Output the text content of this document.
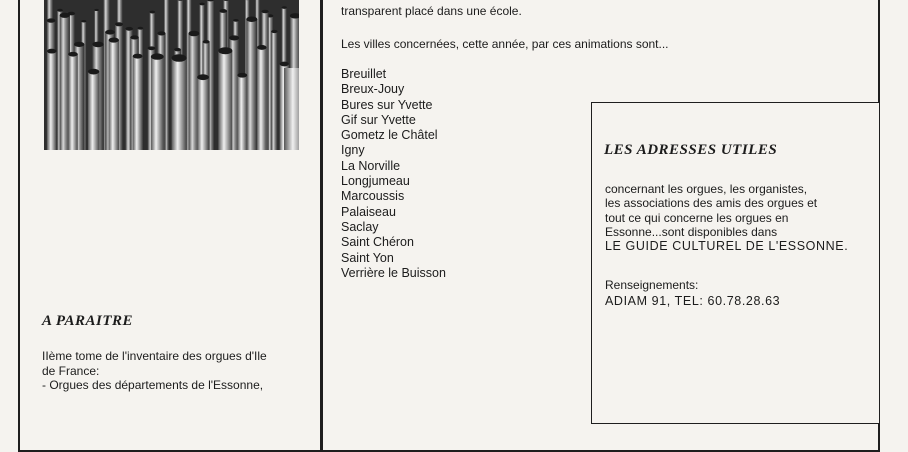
transparent placé dans une école.
Les villes concernées, cette année, par ces animations sont...
Breuillet
Breux-Jouy
Bures sur Yvette
Gif sur Yvette
Gometz le Châtel
Igny
La Norville
Longjumeau
Marcoussis
Palaiseau
Saclay
Saint Chéron
Saint Yon
Verrière le Buisson
A PARAITRE
IIème tome de l'inventaire des orgues d'Ile
de France:
- Orgues des départements de l'Essonne,
LES ADRESSES UTILES
concernant les orgues, les organistes,
les associations des amis des orgues et
tout ce qui concerne les orgues en
Essonne...sont disponibles dans
LE GUIDE CULTUREL DE L'ESSONNE.
Renseignements:
ADIAM 91, TEL: 60.78.28.63
